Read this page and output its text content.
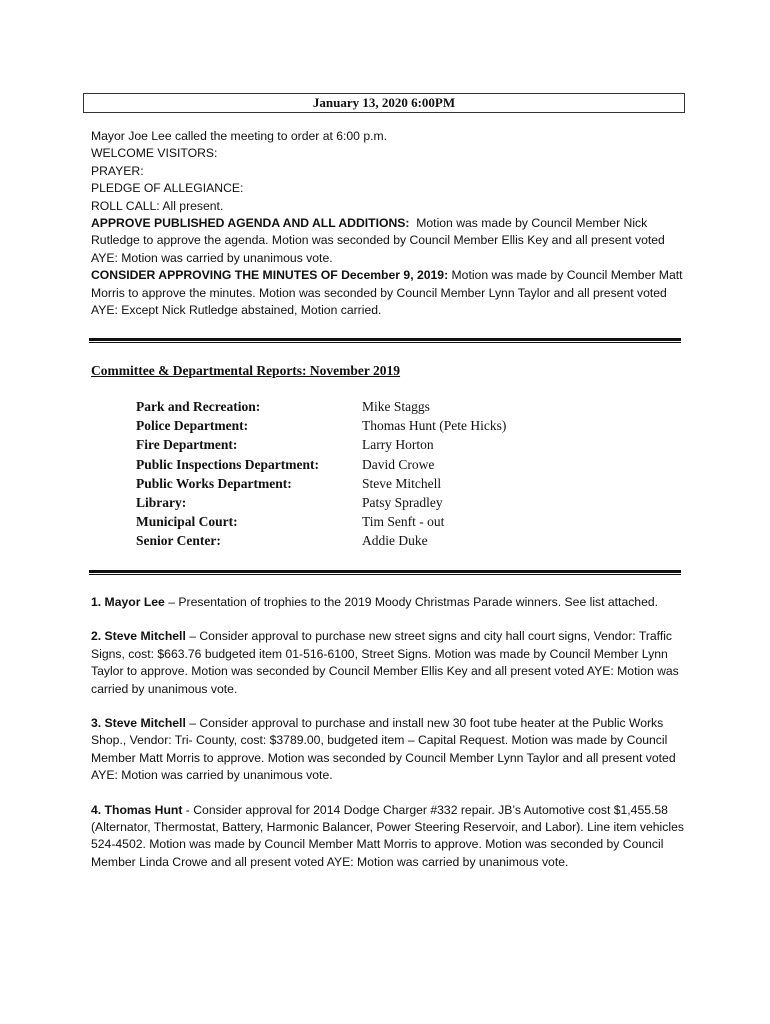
January 13, 2020 6:00PM

Mayor Joe Lee called the meeting to order at 6:00 p.m.

WELCOME VISITORS:

PRAYER:

PLEDGE OF ALLEGIANCE:

ROLL CALL: All present.

APPROVE PUBLISHED AGENDA AND ALL ADDITIONS: Motion was made by Council Member Nick Rutledge to approve the agenda. Motion was seconded by Council Member Ellis Key and all present voted AYE: Motion was carried by unanimous vote.

CONSIDER APPROVING THE MINUTES OF December 9, 2019: Motion was made by Council Member Matt Morris to approve the minutes. Motion was seconded by Council Member Lynn Taylor and all present voted AYE: Except Nick Rutledge abstained, Motion carried.

Committee & Departmental Reports: November 2019
Park and Recreation:	Mike Staggs
Police Department:	Thomas Hunt (Pete Hicks)
Fire Department:	Larry Horton
Public Inspections Department:	David Crowe
Public Works Department:	Steve Mitchell
Library:	Patsy Spradley
Municipal Court:	Tim Senft - out
Senior Center:	Addie Duke

1. Mayor Lee – Presentation of trophies to the 2019 Moody Christmas Parade winners. See list attached.

2. Steve Mitchell – Consider approval to purchase new street signs and city hall court signs, Vendor: Traffic Signs, cost: $663.76 budgeted item 01-516-6100, Street Signs. Motion was made by Council Member Lynn Taylor to approve. Motion was seconded by Council Member Ellis Key and all present voted AYE: Motion was carried by unanimous vote.

3. Steve Mitchell – Consider approval to purchase and install new 30 foot tube heater at the Public Works Shop., Vendor: Tri- County, cost: $3789.00, budgeted item – Capital Request. Motion was made by Council Member Matt Morris to approve. Motion was seconded by Council Member Lynn Taylor and all present voted AYE: Motion was carried by unanimous vote.

4. Thomas Hunt - Consider approval for 2014 Dodge Charger #332 repair. JB’s Automotive cost $1,455.58 (Alternator, Thermostat, Battery, Harmonic Balancer, Power Steering Reservoir, and Labor). Line item vehicles 524-4502. Motion was made by Council Member Matt Morris to approve. Motion was seconded by Council Member Linda Crowe and all present voted AYE: Motion was carried by unanimous vote.
